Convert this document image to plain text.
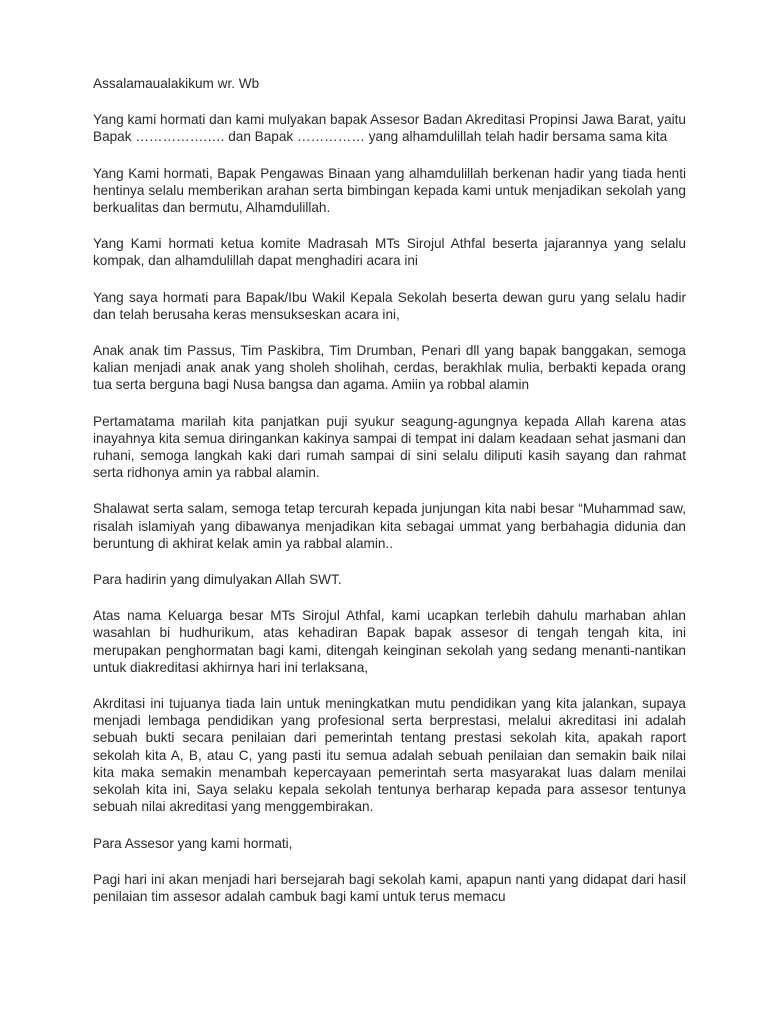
Assalamaualakikum wr. Wb

Yang kami hormati dan kami mulyakan bapak Assesor Badan Akreditasi Propinsi Jawa Barat, yaitu Bapak …………….…. dan Bapak …………… yang alhamdulillah telah hadir bersama sama kita

Yang Kami hormati, Bapak Pengawas Binaan yang alhamdulillah berkenan hadir yang tiada henti hentinya selalu memberikan arahan serta bimbingan kepada kami untuk menjadikan sekolah yang berkualitas dan bermutu, Alhamdulillah.

Yang Kami hormati ketua komite Madrasah MTs Sirojul Athfal beserta jajarannya yang selalu kompak, dan alhamdulillah dapat menghadiri acara ini

Yang saya hormati para Bapak/Ibu Wakil Kepala Sekolah beserta dewan guru yang selalu hadir dan telah berusaha keras mensukseskan acara ini,

Anak anak tim Passus, Tim Paskibra, Tim Drumban, Penari dll yang bapak banggakan, semoga kalian menjadi anak anak yang sholeh sholihah, cerdas, berakhlak mulia, berbakti kepada orang tua serta berguna bagi Nusa bangsa dan agama. Amiin ya robbal alamin

Pertamatama marilah kita panjatkan puji syukur seagung-agungnya kepada Allah karena atas inayahnya kita semua diringankan kakinya sampai di tempat ini dalam keadaan sehat jasmani dan ruhani, semoga langkah kaki dari rumah sampai di sini selalu diliputi kasih sayang dan rahmat serta ridhonya amin ya rabbal alamin.

Shalawat serta salam, semoga tetap tercurah kepada junjungan kita nabi besar “Muhammad saw, risalah islamiyah yang dibawanya menjadikan kita sebagai ummat yang berbahagia didunia dan beruntung di akhirat kelak amin ya rabbal alamin..

Para hadirin yang dimulyakan Allah SWT.

Atas nama Keluarga besar MTs Sirojul Athfal, kami ucapkan terlebih dahulu marhaban ahlan wasahlan bi hudhurikum, atas kehadiran Bapak bapak assesor di tengah tengah kita, ini merupakan penghormatan bagi kami, ditengah keinginan sekolah yang sedang menanti-nantikan untuk diakreditasi akhirnya hari ini terlaksana,

Akrditasi ini tujuanya tiada lain untuk meningkatkan mutu pendidikan yang kita jalankan, supaya menjadi lembaga pendidikan yang profesional serta berprestasi, melalui akreditasi ini adalah sebuah bukti secara penilaian dari pemerintah tentang prestasi sekolah kita, apakah raport sekolah kita A, B, atau C, yang pasti itu semua adalah sebuah penilaian dan semakin baik nilai kita maka semakin menambah kepercayaan pemerintah serta masyarakat luas dalam menilai sekolah kita ini, Saya selaku kepala sekolah tentunya berharap kepada para assesor tentunya sebuah nilai akreditasi yang menggembirakan.

Para Assesor yang kami hormati,

Pagi hari ini akan menjadi hari bersejarah bagi sekolah kami, apapun nanti yang didapat dari hasil penilaian tim assesor adalah cambuk bagi kami untuk terus memacu
